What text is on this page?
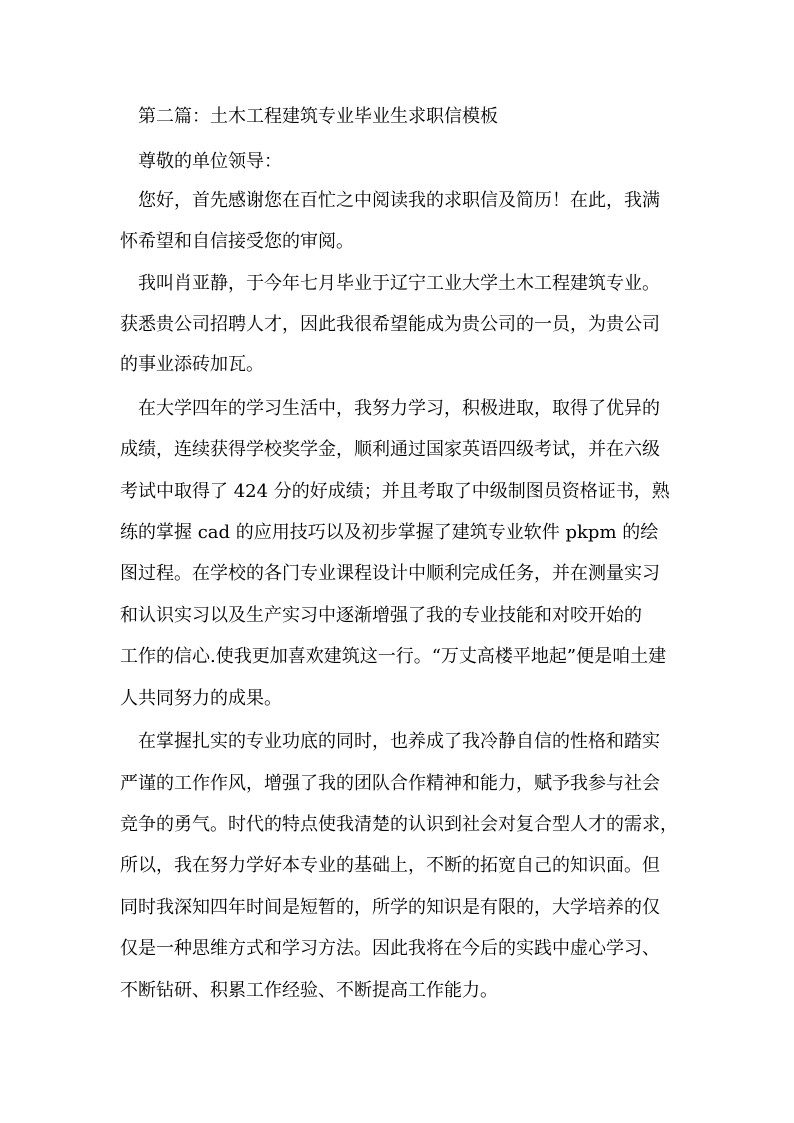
第二篇：土木工程建筑专业毕业生求职信模板
尊敬的单位领导：
您好，首先感谢您在百忙之中阅读我的求职信及简历！在此，我满
怀希望和自信接受您的审阅。
我叫肖亚静，于今年七月毕业于辽宁工业大学土木工程建筑专业。
获悉贵公司招聘人才，因此我很希望能成为贵公司的一员，为贵公司
的事业添砖加瓦。
在大学四年的学习生活中，我努力学习，积极进取，取得了优异的
成绩，连续获得学校奖学金，顺利通过国家英语四级考试，并在六级
考试中取得了 424 分的好成绩；并且考取了中级制图员资格证书，熟
练的掌握 cad 的应用技巧以及初步掌握了建筑专业软件 pkpm 的绘
图过程。在学校的各门专业课程设计中顺利完成任务，并在测量实习
和认识实习以及生产实习中逐渐增强了我的专业技能和对咬开始的
工作的信心.使我更加喜欢建筑这一行。“万丈高楼平地起”便是咱土建
人共同努力的成果。
在掌握扎实的专业功底的同时，也养成了我冷静自信的性格和踏实
严谨的工作作风，增强了我的团队合作精神和能力，赋予我参与社会
竞争的勇气。时代的特点使我清楚的认识到社会对复合型人才的需求，
所以，我在努力学好本专业的基础上，不断的拓宽自己的知识面。但
同时我深知四年时间是短暂的，所学的知识是有限的，大学培养的仅
仅是一种思维方式和学习方法。因此我将在今后的实践中虚心学习、
不断钻研、积累工作经验、不断提高工作能力。
